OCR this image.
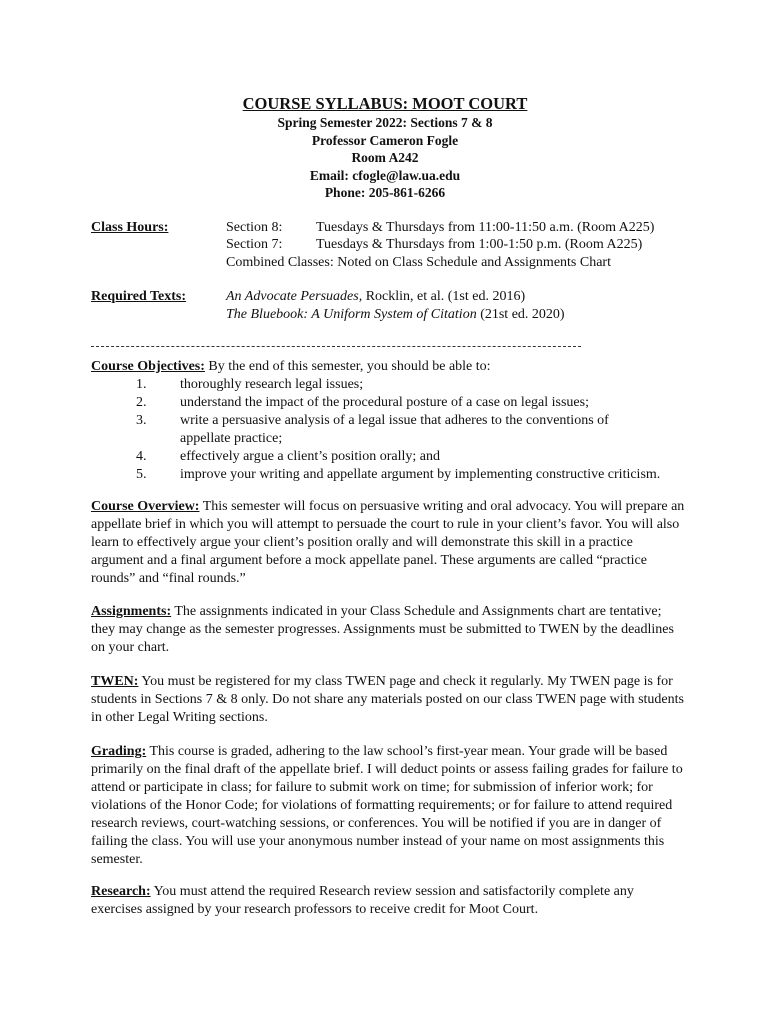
COURSE SYLLABUS: MOOT COURT
Spring Semester 2022: Sections 7 & 8
Professor Cameron Fogle
Room A242
Email: cfogle@law.ua.edu
Phone: 205-861-6266
Class Hours:	Section 8: Tuesdays & Thursdays from 11:00-11:50 a.m. (Room A225)
Section 7: Tuesdays & Thursdays from 1:00-1:50 p.m. (Room A225)
Combined Classes: Noted on Class Schedule and Assignments Chart
Required Texts:	An Advocate Persuades, Rocklin, et al. (1st ed. 2016)
The Bluebook: A Uniform System of Citation (21st ed. 2020)
Course Objectives: By the end of this semester, you should be able to:
1. thoroughly research legal issues;
2. understand the impact of the procedural posture of a case on legal issues;
3. write a persuasive analysis of a legal issue that adheres to the conventions of appellate practice;
4. effectively argue a client’s position orally; and
5. improve your writing and appellate argument by implementing constructive criticism.

Course Overview: This semester will focus on persuasive writing and oral advocacy. You will prepare an appellate brief in which you will attempt to persuade the court to rule in your client’s favor. You will also learn to effectively argue your client’s position orally and will demonstrate this skill in a practice argument and a final argument before a mock appellate panel. These arguments are called “practice rounds” and “final rounds.”

Assignments: The assignments indicated in your Class Schedule and Assignments chart are tentative; they may change as the semester progresses. Assignments must be submitted to TWEN by the deadlines on your chart.

TWEN: You must be registered for my class TWEN page and check it regularly. My TWEN page is for students in Sections 7 & 8 only. Do not share any materials posted on our class TWEN page with students in other Legal Writing sections.

Grading: This course is graded, adhering to the law school’s first-year mean. Your grade will be based primarily on the final draft of the appellate brief. I will deduct points or assess failing grades for failure to attend or participate in class; for failure to submit work on time; for submission of inferior work; for violations of the Honor Code; for violations of formatting requirements; or for failure to attend required research reviews, court-watching sessions, or conferences. You will be notified if you are in danger of failing the class. You will use your anonymous number instead of your name on most assignments this semester.

Research: You must attend the required Research review session and satisfactorily complete any exercises assigned by your research professors to receive credit for Moot Court.
